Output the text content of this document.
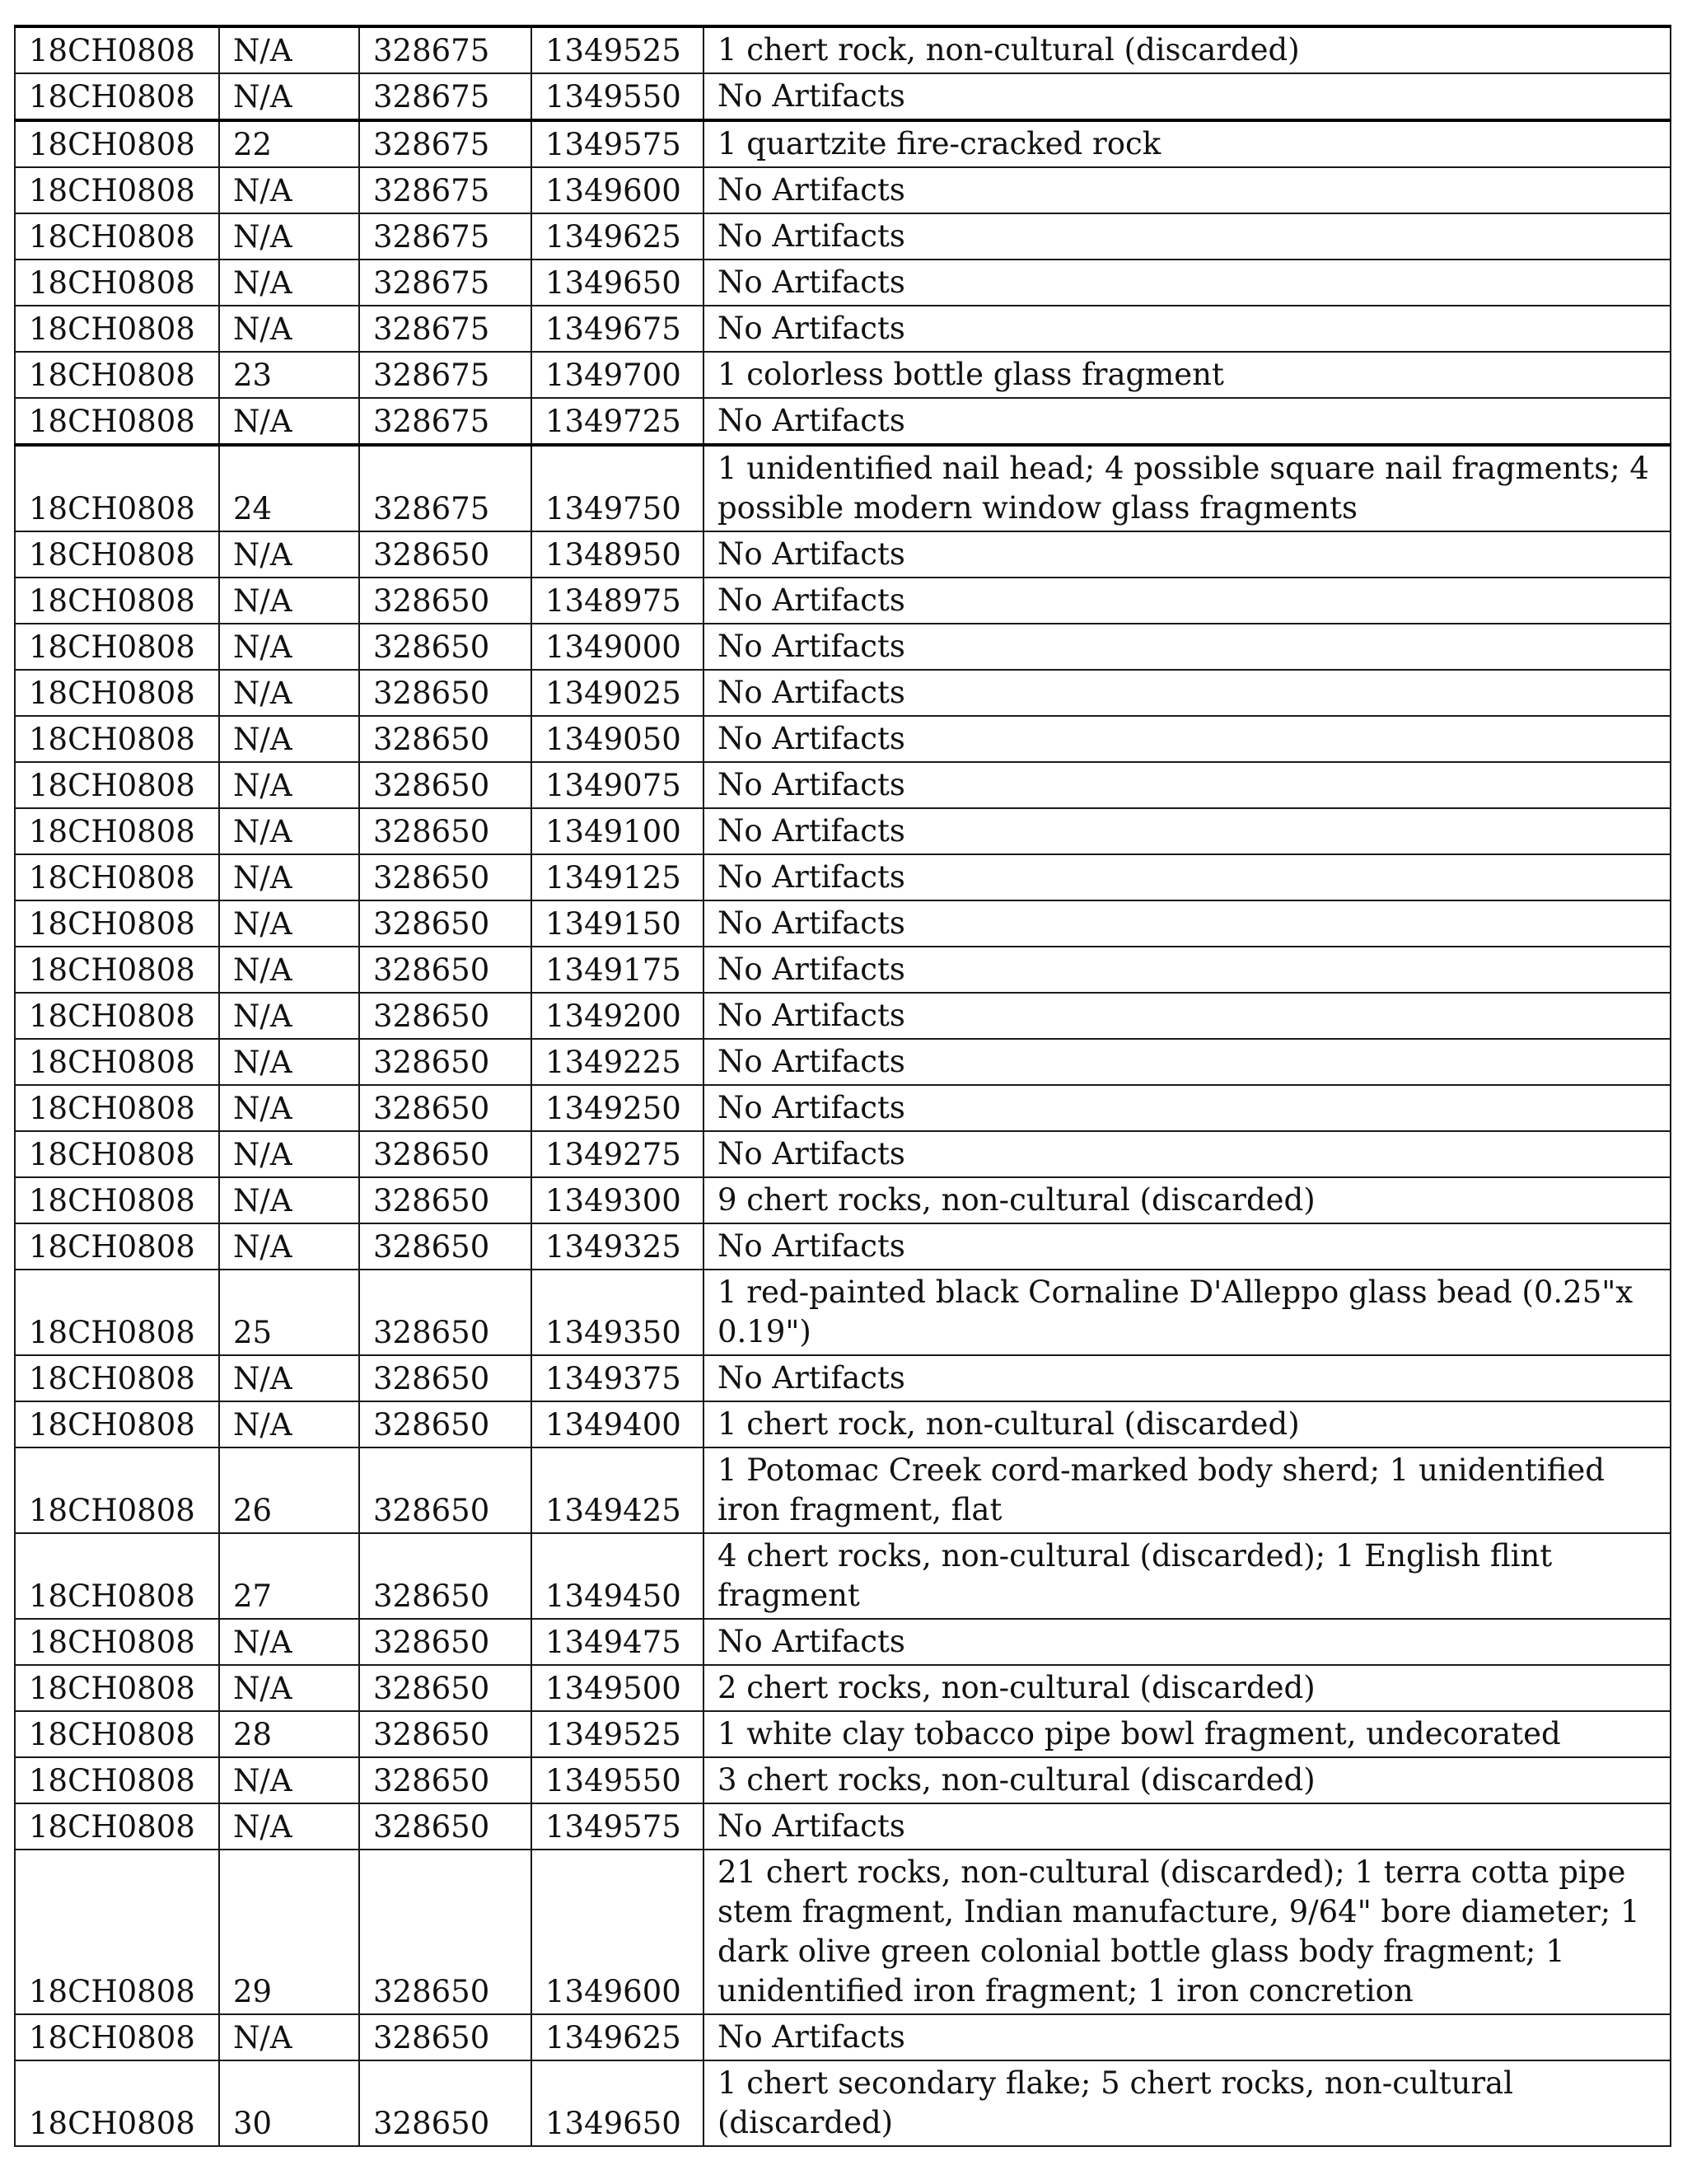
18CH0808	N/A	328675	1349525	1 chert rock, non-cultural (discarded)
18CH0808	N/A	328675	1349550	No Artifacts
18CH0808	22	328675	1349575	1 quartzite fire-cracked rock
18CH0808	N/A	328675	1349600	No Artifacts
18CH0808	N/A	328675	1349625	No Artifacts
18CH0808	N/A	328675	1349650	No Artifacts
18CH0808	N/A	328675	1349675	No Artifacts
18CH0808	23	328675	1349700	1 colorless bottle glass fragment
18CH0808	N/A	328675	1349725	No Artifacts
18CH0808	24	328675	1349750	1 unidentified nail head; 4 possible square nail fragments; 4 possible modern window glass fragments
18CH0808	N/A	328650	1348950	No Artifacts
18CH0808	N/A	328650	1348975	No Artifacts
18CH0808	N/A	328650	1349000	No Artifacts
18CH0808	N/A	328650	1349025	No Artifacts
18CH0808	N/A	328650	1349050	No Artifacts
18CH0808	N/A	328650	1349075	No Artifacts
18CH0808	N/A	328650	1349100	No Artifacts
18CH0808	N/A	328650	1349125	No Artifacts
18CH0808	N/A	328650	1349150	No Artifacts
18CH0808	N/A	328650	1349175	No Artifacts
18CH0808	N/A	328650	1349200	No Artifacts
18CH0808	N/A	328650	1349225	No Artifacts
18CH0808	N/A	328650	1349250	No Artifacts
18CH0808	N/A	328650	1349275	No Artifacts
18CH0808	N/A	328650	1349300	9 chert rocks, non-cultural (discarded)
18CH0808	N/A	328650	1349325	No Artifacts
18CH0808	25	328650	1349350	1 red-painted black Cornaline D'Alleppo glass bead (0.25"x 0.19")
18CH0808	N/A	328650	1349375	No Artifacts
18CH0808	N/A	328650	1349400	1 chert rock, non-cultural (discarded)
18CH0808	26	328650	1349425	1 Potomac Creek cord-marked body sherd; 1 unidentified iron fragment, flat
18CH0808	27	328650	1349450	4 chert rocks, non-cultural (discarded); 1 English flint fragment
18CH0808	N/A	328650	1349475	No Artifacts
18CH0808	N/A	328650	1349500	2 chert rocks, non-cultural (discarded)
18CH0808	28	328650	1349525	1 white clay tobacco pipe bowl fragment, undecorated
18CH0808	N/A	328650	1349550	3 chert rocks, non-cultural (discarded)
18CH0808	N/A	328650	1349575	No Artifacts
18CH0808	29	328650	1349600	21 chert rocks, non-cultural (discarded); 1 terra cotta pipe stem fragment, Indian manufacture, 9/64" bore diameter; 1 dark olive green colonial bottle glass body fragment; 1 unidentified iron fragment; 1 iron concretion
18CH0808	N/A	328650	1349625	No Artifacts
18CH0808	30	328650	1349650	1 chert secondary flake; 5 chert rocks, non-cultural (discarded)
